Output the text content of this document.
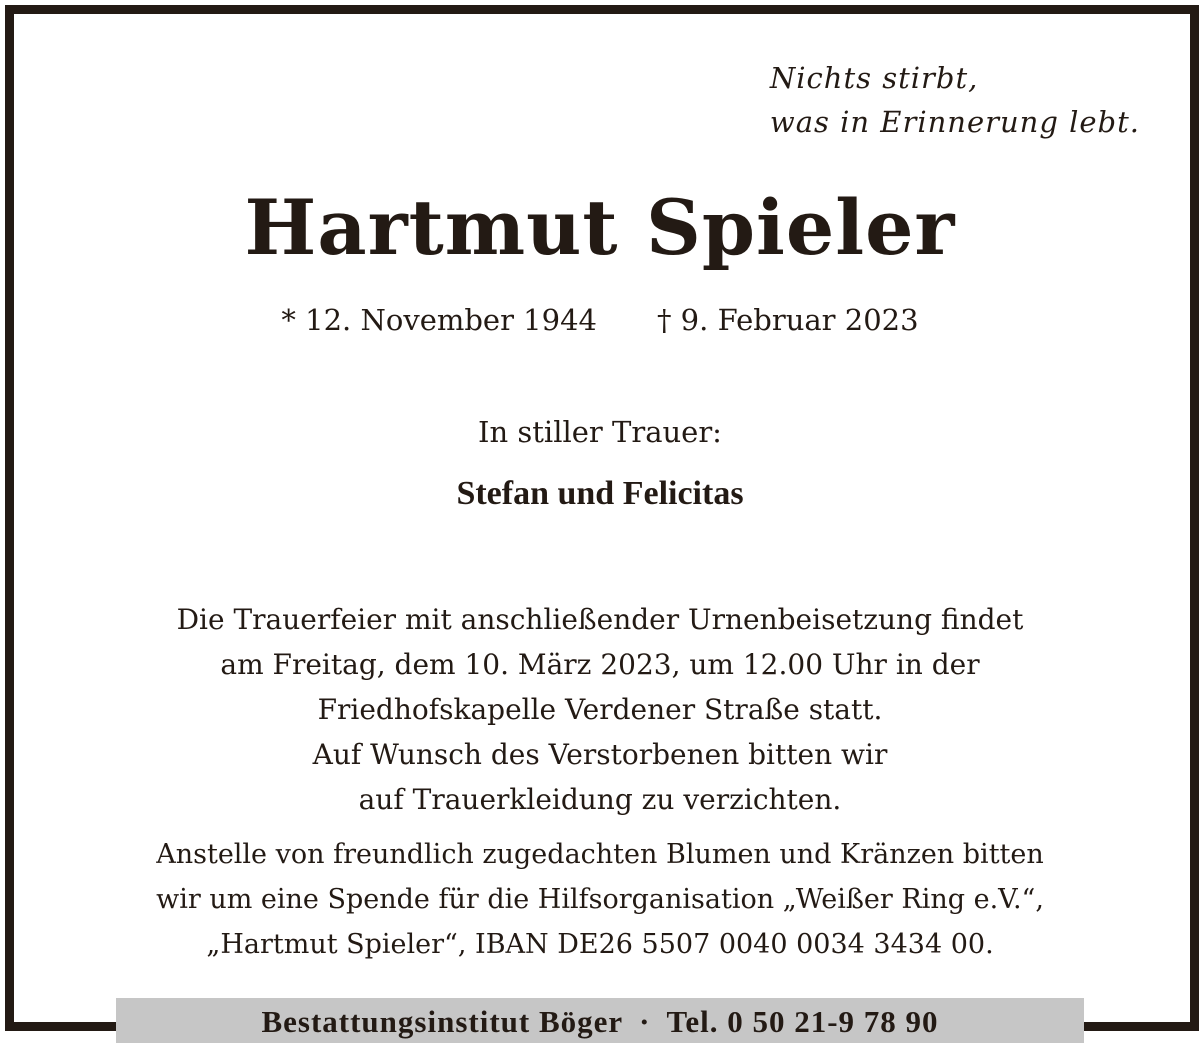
Nichts stirbt,
was in Erinnerung lebt.
Hartmut Spieler
* 12. November 1944 † 9. Februar 2023
In stiller Trauer:
Stefan und Felicitas
Die Trauerfeier mit anschließender Urnenbeisetzung findet
am Freitag, dem 10. März 2023, um 12.00 Uhr in der
Friedhofskapelle Verdener Straße statt.
Auf Wunsch des Verstorbenen bitten wir
auf Trauerkleidung zu verzichten.
Anstelle von freundlich zugedachten Blumen und Kränzen bitten
wir um eine Spende für die Hilfsorganisation „Weißer Ring e.V.“,
„Hartmut Spieler“, IBAN DE26 5507 0040 0034 3434 00.
Bestattungsinstitut Böger · Tel. 0 50 21-9 78 90
